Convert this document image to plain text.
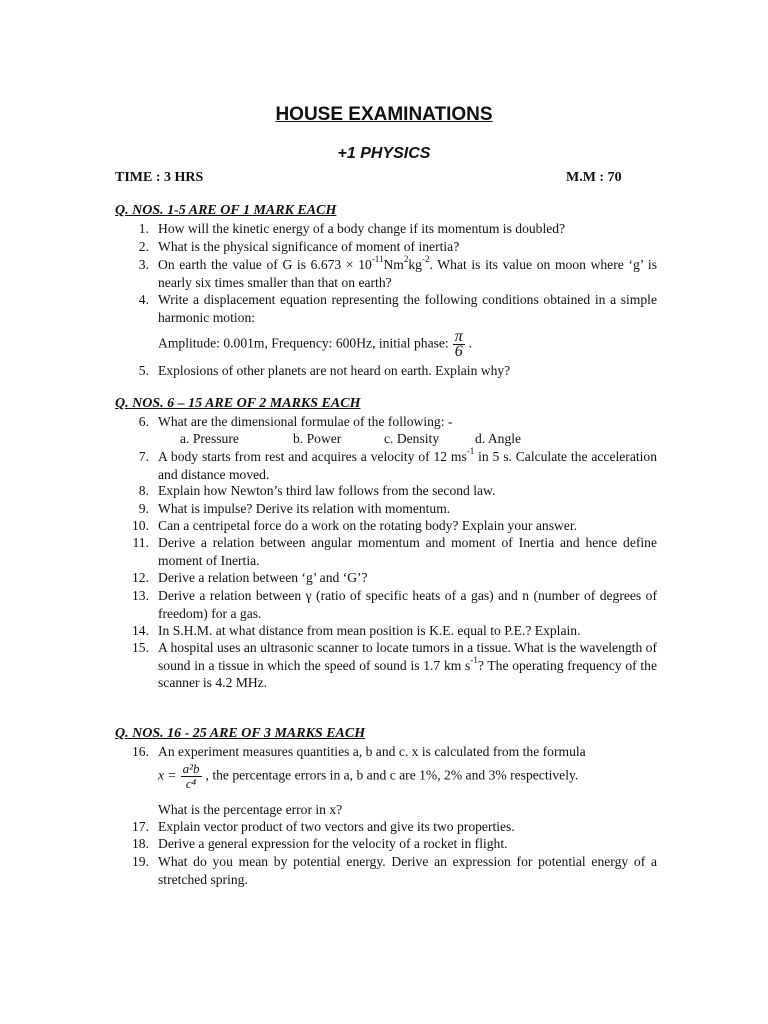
HOUSE EXAMINATIONS
+1 PHYSICS
TIME : 3 HRS	M.M : 70
Q. NOS. 1-5 ARE OF 1 MARK EACH
1. How will the kinetic energy of a body change if its momentum is doubled?
2. What is the physical significance of moment of inertia?
3. On earth the value of G is $6.673 \times 10^{-11}Nm^2kg^{-2}$. What is its value on moon where ‘g’ is nearly six times smaller than that on earth?
4. Write a displacement equation representing the following conditions obtained in a simple harmonic motion:
Amplitude: 0.001m, Frequency: 600Hz, initial phase: $\frac{\pi}{6}$ .
5. Explosions of other planets are not heard on earth. Explain why?
Q. NOS. 6 – 15 ARE OF 2 MARKS EACH
6. What are the dimensional formulae of the following: -
a. Pressure	b. Power	c. Density	d. Angle
7. A body starts from rest and acquires a velocity of 12 $ms^{-1}$ in 5 s. Calculate the acceleration and distance moved.
8. Explain how Newton’s third law follows from the second law.
9. What is impulse? Derive its relation with momentum.
10. Can a centripetal force do a work on the rotating body? Explain your answer.
11. Derive a relation between angular momentum and moment of Inertia and hence define moment of Inertia.
12. Derive a relation between ‘g’ and ‘G’?
13. Derive a relation between γ (ratio of specific heats of a gas) and n (number of degrees of freedom) for a gas.
14. In S.H.M. at what distance from mean position is K.E. equal to P.E.? Explain.
15. A hospital uses an ultrasonic scanner to locate tumors in a tissue. What is the wavelength of sound in a tissue in which the speed of sound is 1.7 km $s^{-1}$? The operating frequency of the scanner is 4.2 MHz.
Q. NOS. 16 - 25 ARE OF 3 MARKS EACH
16. An experiment measures quantities a, b and c. x is calculated from the formula
$x = \frac{\text{a²b}}{\text{c⁴}}$ , the percentage errors in a, b and c are 1%, 2% and 3% respectively.
What is the percentage error in x?
17. Explain vector product of two vectors and give its two properties.
18. Derive a general expression for the velocity of a rocket in flight.
19. What do you mean by potential energy. Derive an expression for potential energy of a stretched spring.
